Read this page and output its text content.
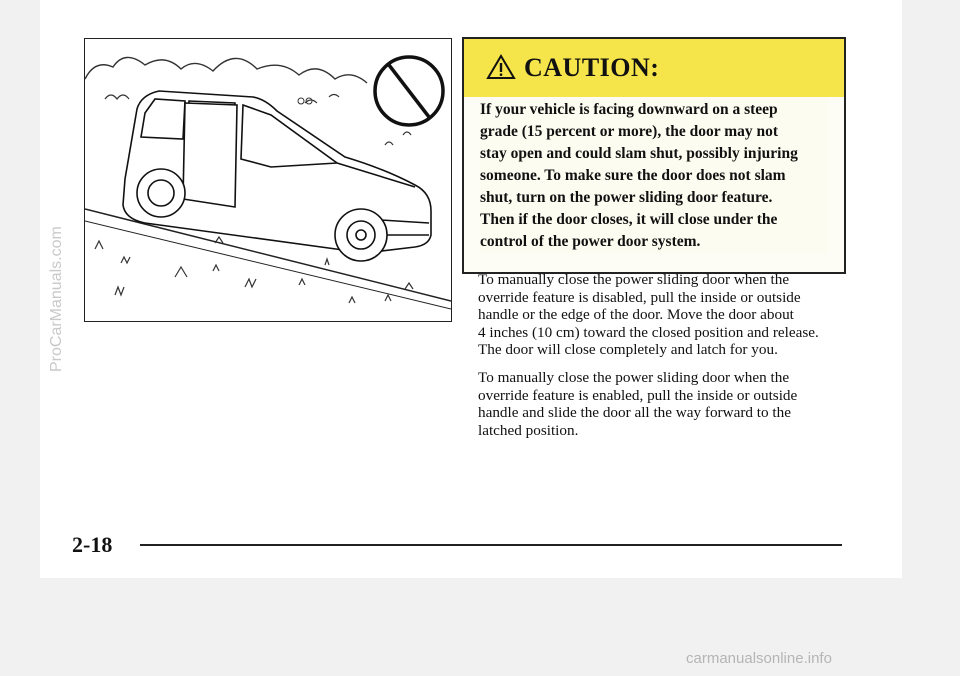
CAUTION:
If your vehicle is facing downward on a steep
grade (15 percent or more), the door may not
stay open and could slam shut, possibly injuring
someone. To make sure the door does not slam
shut, turn on the power sliding door feature.
Then if the door closes, it will close under the
control of the power door system.
To manually close the power sliding door when the
override feature is disabled, pull the inside or outside
handle or the edge of the door. Move the door about
4 inches (10 cm) toward the closed position and release.
The door will close completely and latch for you.
To manually close the power sliding door when the
override feature is enabled, pull the inside or outside
handle and slide the door all the way forward to the
latched position.
2-18
ProCarManuals.com
carmanualsonline.info
